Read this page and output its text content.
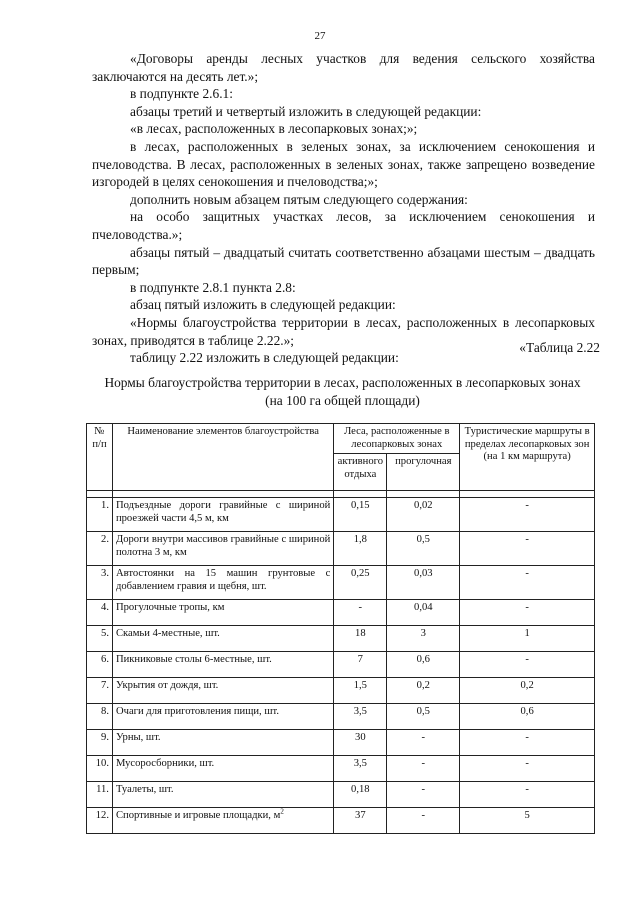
27

«Договоры аренды лесных участков для ведения сельского хозяйства заключаются на десять лет.»;

в подпункте 2.6.1:

абзацы третий и четвертый изложить в следующей редакции:

«в лесах, расположенных в лесопарковых зонах;»;

в лесах, расположенных в зеленых зонах, за исключением сенокошения и пчеловодства. В лесах, расположенных в зеленых зонах, также запрещено возведение изгородей в целях сенокошения и пчеловодства;»;

дополнить новым абзацем пятым следующего содержания:

на особо защитных участках лесов, за исключением сенокошения и пчеловодства.»;

абзацы пятый – двадцатый считать соответственно абзацами шестым – двадцать первым;

в подпункте 2.8.1 пункта 2.8:

абзац пятый изложить в следующей редакции:

«Нормы благоустройства территории в лесах, расположенных в лесопарковых зонах, приводятся в таблице 2.22.»;

таблицу 2.22 изложить в следующей редакции:

«Таблица 2.22
Нормы благоустройства территории в лесах, расположенных в лесопарковых зонах
(на 100 га общей площади)
№ п/п	Наименование элементов благоустройства	Леса, расположенные в лесопарковых зонах		Туристические маршруты в пределах лесопарковых зон (на 1 км маршрута)
		активного отдыха	прогулочная	

1.	Подъездные дороги гравийные с шириной проезжей части 4,5 м, км	0,15	0,02	-
2.	Дороги внутри массивов гравийные с шириной полотна 3 м, км	1,8	0,5	-
3.	Автостоянки на 15 машин грунтовые с добавлением гравия и щебня, шт.	0,25	0,03	-
4.	Прогулочные тропы, км	-	0,04	-
5.	Скамьи 4-местные, шт.	18	3	1
6.	Пикниковые столы 6-местные, шт.	7	0,6	-
7.	Укрытия от дождя, шт.	1,5	0,2	0,2
8.	Очаги для приготовления пищи, шт.	3,5	0,5	0,6
9.	Урны, шт.	30	-	-
10.	Мусоросборники, шт.	3,5	-	-
11.	Туалеты, шт.	0,18	-	-
12.	Спортивные и игровые площадки, $м^2$	37	-	5
